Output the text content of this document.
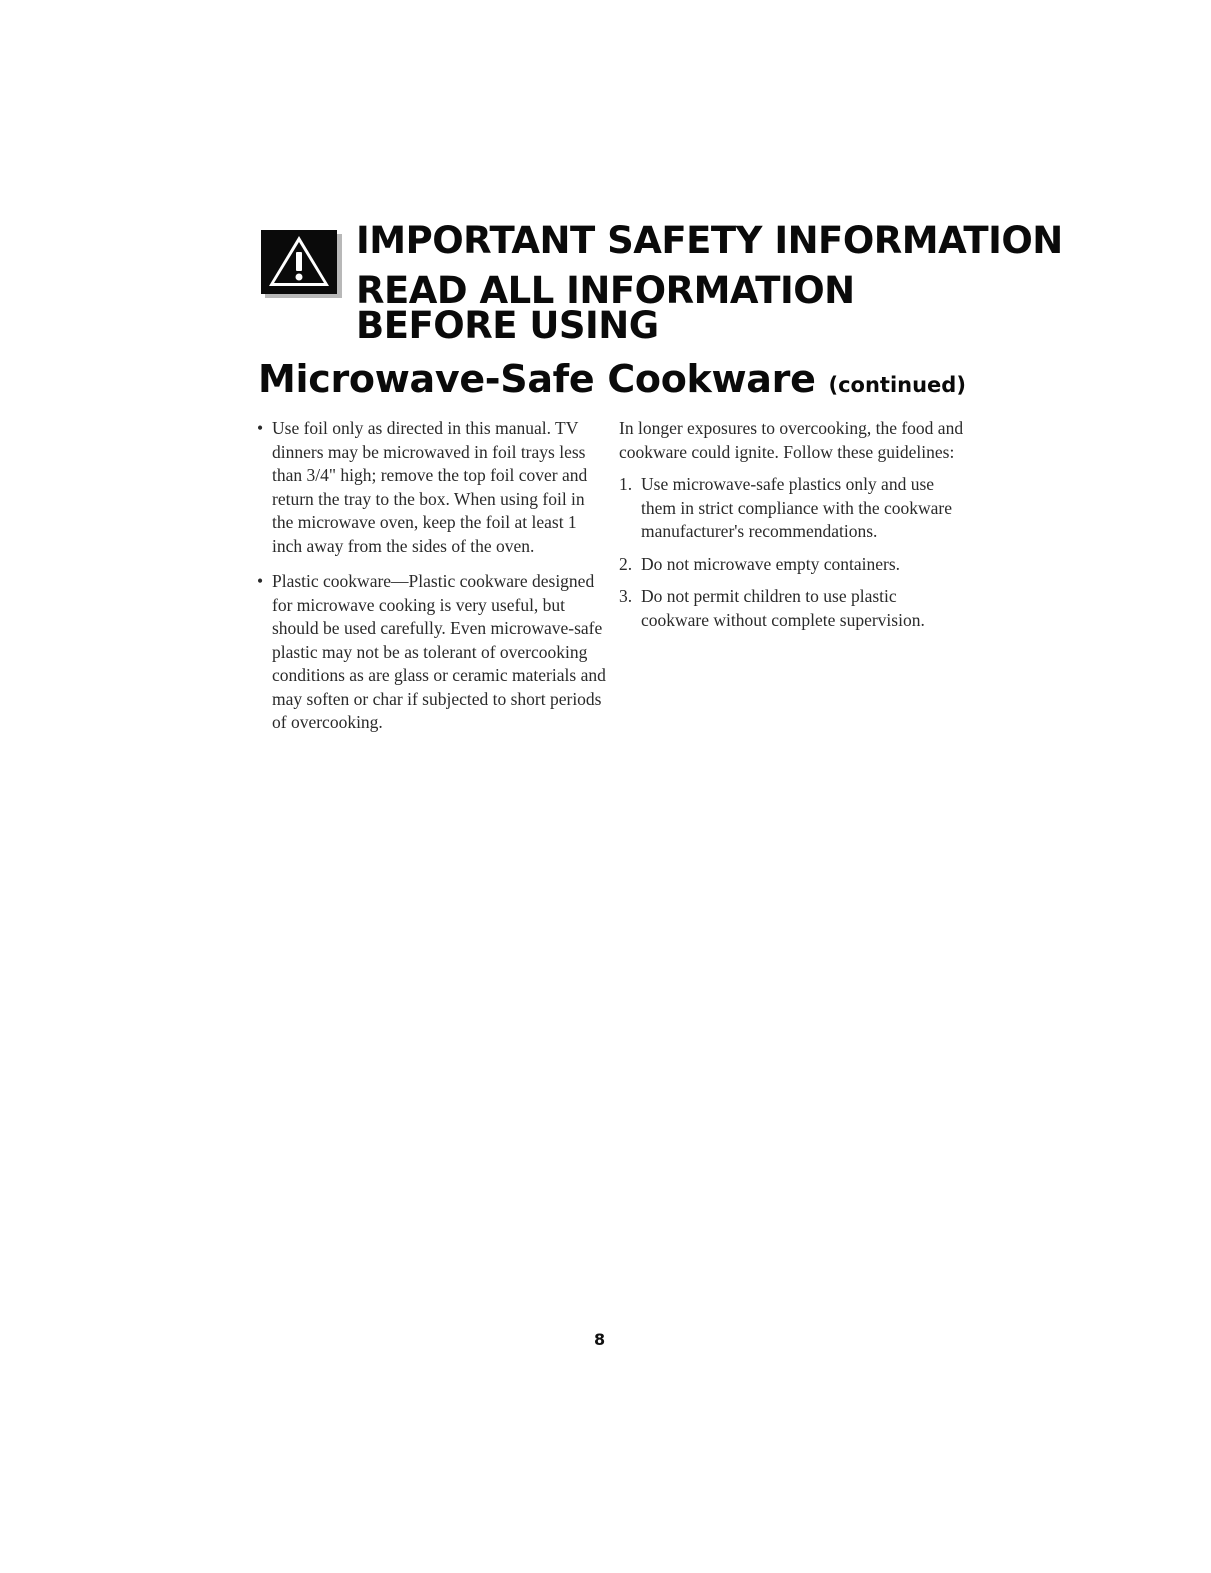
IMPORTANT SAFETY INFORMATION
READ ALL INFORMATION
BEFORE USING
Microwave-Safe Cookware (continued)
• Use foil only as directed in this manual. TV dinners may be microwaved in foil trays less than 3/4" high; remove the top foil cover and return the tray to the box. When using foil in the microwave oven, keep the foil at least 1 inch away from the sides of the oven.
• Plastic cookware—Plastic cookware designed for microwave cooking is very useful, but should be used carefully. Even microwave-safe plastic may not be as tolerant of overcooking conditions as are glass or ceramic materials and may soften or char if subjected to short periods of overcooking.

In longer exposures to overcooking, the food and cookware could ignite. Follow these guidelines:

1. Use microwave-safe plastics only and use them in strict compliance with the cookware manufacturer's recommendations.
2. Do not microwave empty containers.
3. Do not permit children to use plastic cookware without complete supervision.
8
